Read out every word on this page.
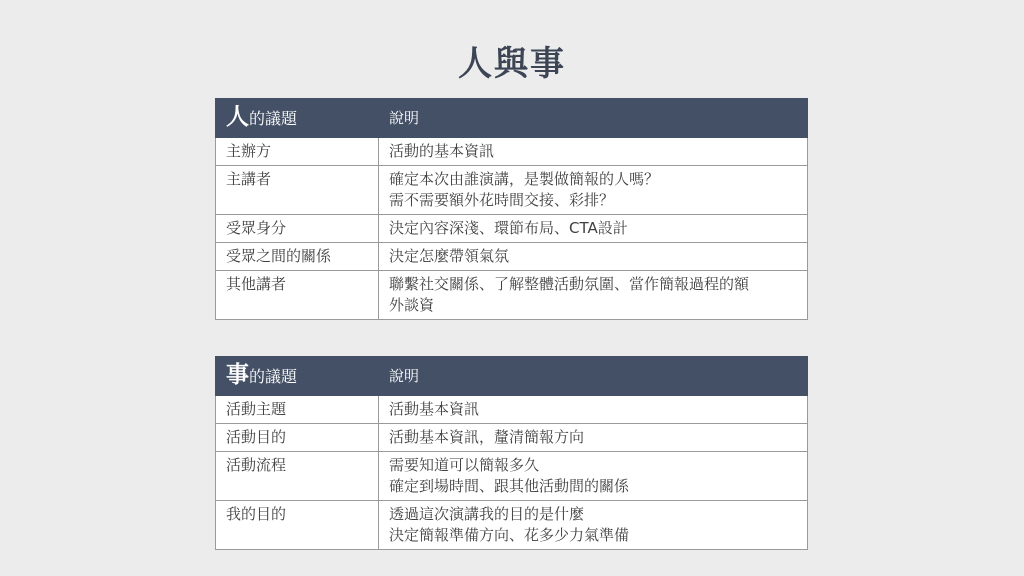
人與事
人的議題	說明
主辦方	活動的基本資訊

主講者	確定本次由誰演講，是製做簡報的人嗎？
需不需要額外花時間交接、彩排？

受眾身分	決定內容深淺、環節布局、CTA設計

受眾之間的關係	決定怎麼帶領氣氛

其他講者	聯繫社交關係、了解整體活動氛圍、當作簡報過程的額
外談資
事的議題	說明
活動主題	活動基本資訊

活動目的	活動基本資訊，釐清簡報方向

活動流程	需要知道可以簡報多久
確定到場時間、跟其他活動間的關係

我的目的	透過這次演講我的目的是什麼
決定簡報準備方向、花多少力氣準備
